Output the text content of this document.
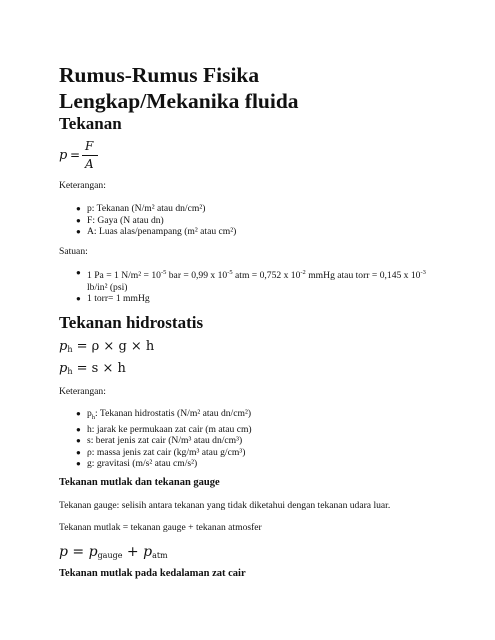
Rumus-Rumus Fisika Lengkap/Mekanika fluida
Tekanan
p =
F
A
Keterangan:
● p: Tekanan (N/m² atau dn/cm²)
● F: Gaya (N atau dn)
● A: Luas alas/penampang (m² atau cm²)
Satuan:
● 1 Pa = 1 $N/m^2 = 10^{-5}$ bar = 0,99 x $10^{-5}$ atm = 0,752 x $10^{-2}$ mmHg atau torr = 0,145 x $10^{-3}$
lb/in² (psi)
● 1 torr= 1 mmHg
Tekanan hidrostatis
$p_h = \rho \times g \times h$
$p_h = s \times h$
Keterangan:
● $p_h$: Tekanan hidrostatis (N/m² atau dn/cm²)
● h: jarak ke permukaan zat cair (m atau cm)
● s: berat jenis zat cair (N/m³ atau dn/cm³)
● ρ: massa jenis zat cair (kg/m³ atau g/cm³)
● g: gravitasi (m/s² atau cm/s²)
Tekanan mutlak dan tekanan gauge
Tekanan gauge: selisih antara tekanan yang tidak diketahui dengan tekanan udara luar.
Tekanan mutlak = tekanan gauge + tekanan atmosfer
$p = p_{gauge} + p_{atm}$
Tekanan mutlak pada kedalaman zat cair
